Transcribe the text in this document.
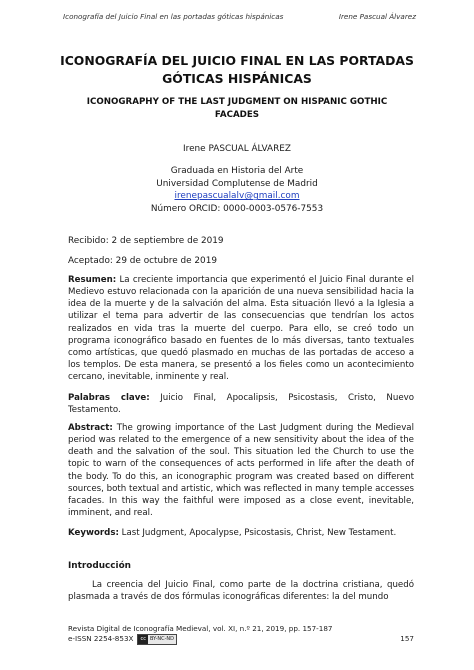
Iconografía del Juicio Final en las portadas góticas hispánicas	Irene Pascual Álvarez
ICONOGRAFÍA DEL JUICIO FINAL EN LAS PORTADAS
GÓTICAS HISPÁNICAS
ICONOGRAPHY OF THE LAST JUDGMENT ON HISPANIC GOTHIC
FACADES
Irene PASCUAL ÁLVAREZ
Graduada en Historia del Arte
Universidad Complutense de Madrid
irenepascualalv@gmail.com
Número ORCID: 0000-0003-0576-7553
Recibido: 2 de septiembre de 2019
Aceptado: 29 de octubre de 2019
Resumen: La creciente importancia que experimentó el Juicio Final durante el Medievo estuvo relacionada con la aparición de una nueva sensibilidad hacia la idea de la muerte y de la salvación del alma. Esta situación llevó a la Iglesia a utilizar el tema para advertir de las consecuencias que tendrían los actos realizados en vida tras la muerte del cuerpo. Para ello, se creó todo un programa iconográfico basado en fuentes de lo más diversas, tanto textuales como artísticas, que quedó plasmado en muchas de las portadas de acceso a los templos. De esta manera, se presentó a los fieles como un acontecimiento cercano, inevitable, inminente y real.
Palabras clave: Juicio Final, Apocalipsis, Psicostasis, Cristo, Nuevo Testamento.
Abstract: The growing importance of the Last Judgment during the Medieval period was related to the emergence of a new sensitivity about the idea of the death and the salvation of the soul. This situation led the Church to use the topic to warn of the consequences of acts performed in life after the death of the body. To do this, an iconographic program was created based on different sources, both textual and artistic, which was reflected in many temple accesses facades. In this way the faithful were imposed as a close event, inevitable, imminent, and real.
Keywords: Last Judgment, Apocalypse, Psicostasis, Christ, New Testament.
Introducción
La creencia del Juicio Final, como parte de la doctrina cristiana, quedó plasmada a través de dos fórmulas iconográficas diferentes: la del mundo
Revista Digital de Iconografía Medieval, vol. XI, n.º 21, 2019, pp. 157-187
e-ISSN 2254-853X	cc BY-NC-ND	157
